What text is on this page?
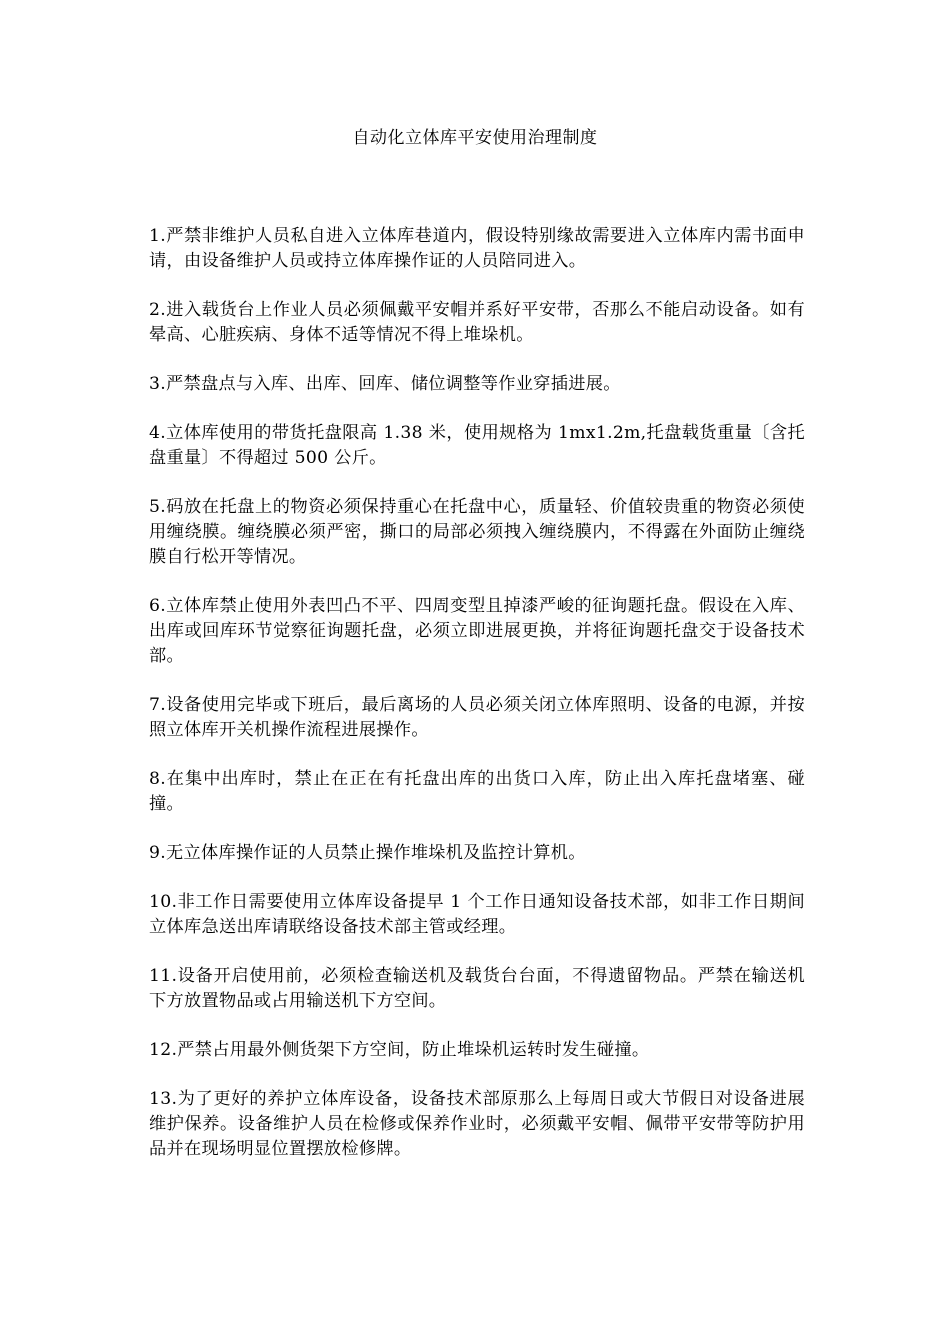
自动化立体库平安使用治理制度

1.严禁非维护人员私自进入立体库巷道内，假设特别缘故需要进入立体库内需书面申请，由设备维护人员或持立体库操作证的人员陪同进入。

2.进入载货台上作业人员必须佩戴平安帽并系好平安带，否那么不能启动设备。如有晕高、心脏疾病、身体不适等情况不得上堆垛机。

3.严禁盘点与入库、出库、回库、储位调整等作业穿插进展。

4.立体库使用的带货托盘限高 1.38 米，使用规格为 1mx1.2m,托盘载货重量〔含托盘重量〕不得超过 500 公斤。

5.码放在托盘上的物资必须保持重心在托盘中心，质量轻、价值较贵重的物资必须使用缠绕膜。缠绕膜必须严密，撕口的局部必须拽入缠绕膜内，不得露在外面防止缠绕膜自行松开等情况。

6.立体库禁止使用外表凹凸不平、四周变型且掉漆严峻的征询题托盘。假设在入库、出库或回库环节觉察征询题托盘，必须立即进展更换，并将征询题托盘交于设备技术部。

7.设备使用完毕或下班后，最后离场的人员必须关闭立体库照明、设备的电源，并按照立体库开关机操作流程进展操作。

8.在集中出库时，禁止在正在有托盘出库的出货口入库，防止出入库托盘堵塞、碰撞。

9.无立体库操作证的人员禁止操作堆垛机及监控计算机。

10.非工作日需要使用立体库设备提早 1 个工作日通知设备技术部，如非工作日期间立体库急送出库请联络设备技术部主管或经理。

11.设备开启使用前，必须检查输送机及载货台台面，不得遗留物品。严禁在输送机下方放置物品或占用输送机下方空间。

12.严禁占用最外侧货架下方空间，防止堆垛机运转时发生碰撞。

13.为了更好的养护立体库设备，设备技术部原那么上每周日或大节假日对设备进展维护保养。设备维护人员在检修或保养作业时，必须戴平安帽、佩带平安带等防护用品并在现场明显位置摆放检修牌。
